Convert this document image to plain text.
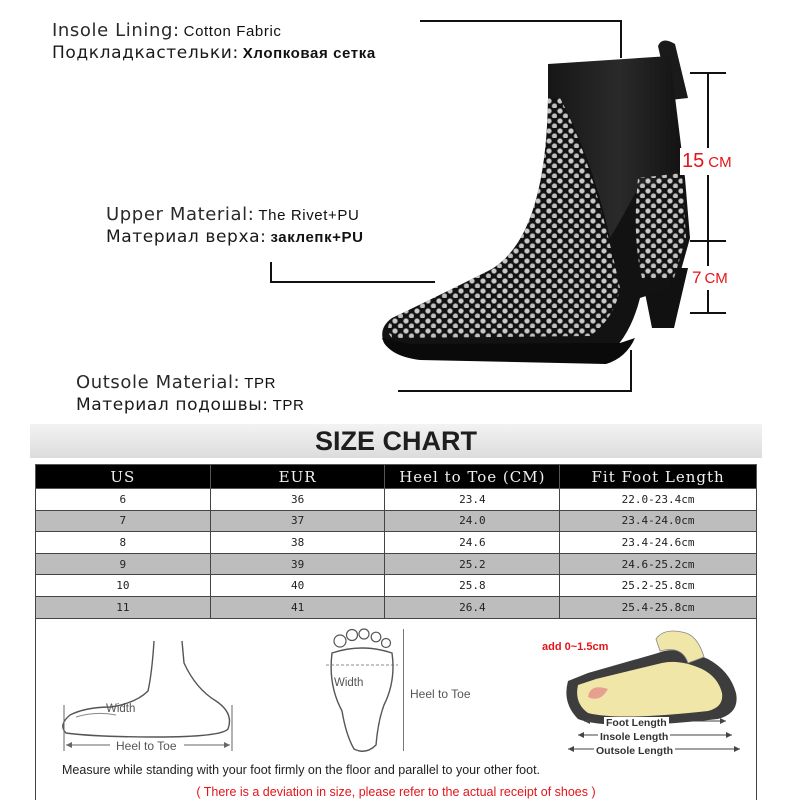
Insole Lining: Cotton Fabric
Подкладкастельки: Хлопковая сетка
Upper Material: The Rivet+PU
Материал верха: заклепк+PU
Outsole Material: TPR
Материал подошвы: TPR
15 CM
7 CM
SIZE CHART
US	EUR	Heel to Toe (CM)	Fit Foot Length
6	36	23.4	22.0-23.4cm
7	37	24.0	23.4-24.0cm
8	38	24.6	23.4-24.6cm
9	39	25.2	24.6-25.2cm
10	40	25.8	25.2-25.8cm
11	41	26.4	25.4-25.8cm
Width
Heel to Toe
Width
Heel to Toe
add 0~1.5cm
Foot Length
Insole Length
Outsole Length
Measure while standing with your foot firmly on the floor and parallel to your other foot.
( There is a deviation in size, please refer to the actual receipt of shoes )
